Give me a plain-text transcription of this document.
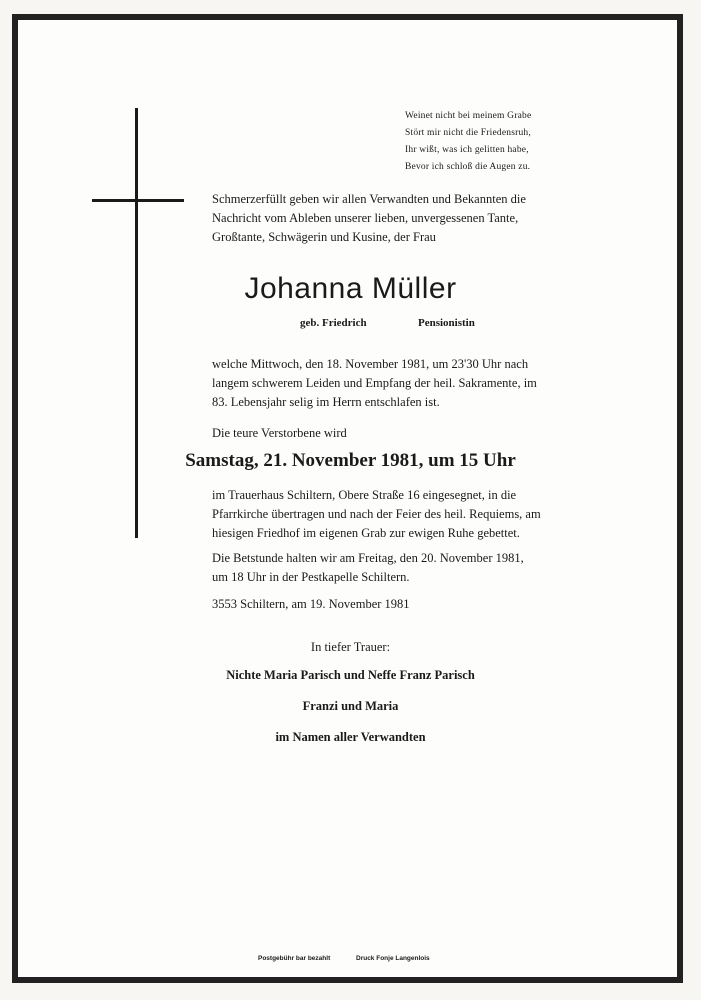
Weinet nicht bei meinem Grabe
Stört mir nicht die Friedensruh,
Ihr wißt, was ich gelitten habe,
Bevor ich schloß die Augen zu.
Schmerzerfüllt geben wir allen Verwandten und Bekannten die
Nachricht vom Ableben unserer lieben, unvergessenen Tante,
Großtante, Schwägerin und Kusine, der Frau
Johanna Müller
geb. Friedrich	Pensionistin
welche Mittwoch, den 18. November 1981, um 23'30 Uhr nach
langem schwerem Leiden und Empfang der heil. Sakramente, im
83. Lebensjahr selig im Herrn entschlafen ist.
Die teure Verstorbene wird
Samstag, 21. November 1981, um 15 Uhr
im Trauerhaus Schiltern, Obere Straße 16 eingesegnet, in die
Pfarrkirche übertragen und nach der Feier des heil. Requiems, am
hiesigen Friedhof im eigenen Grab zur ewigen Ruhe gebettet.
Die Betstunde halten wir am Freitag, den 20. November 1981,
um 18 Uhr in der Pestkapelle Schiltern.
3553 Schiltern, am 19. November 1981
In tiefer Trauer:
Nichte Maria Parisch und Neffe Franz Parisch
Franzi und Maria
im Namen aller Verwandten
Postgebühr bar bezahlt	Druck Fonje Langenlois
